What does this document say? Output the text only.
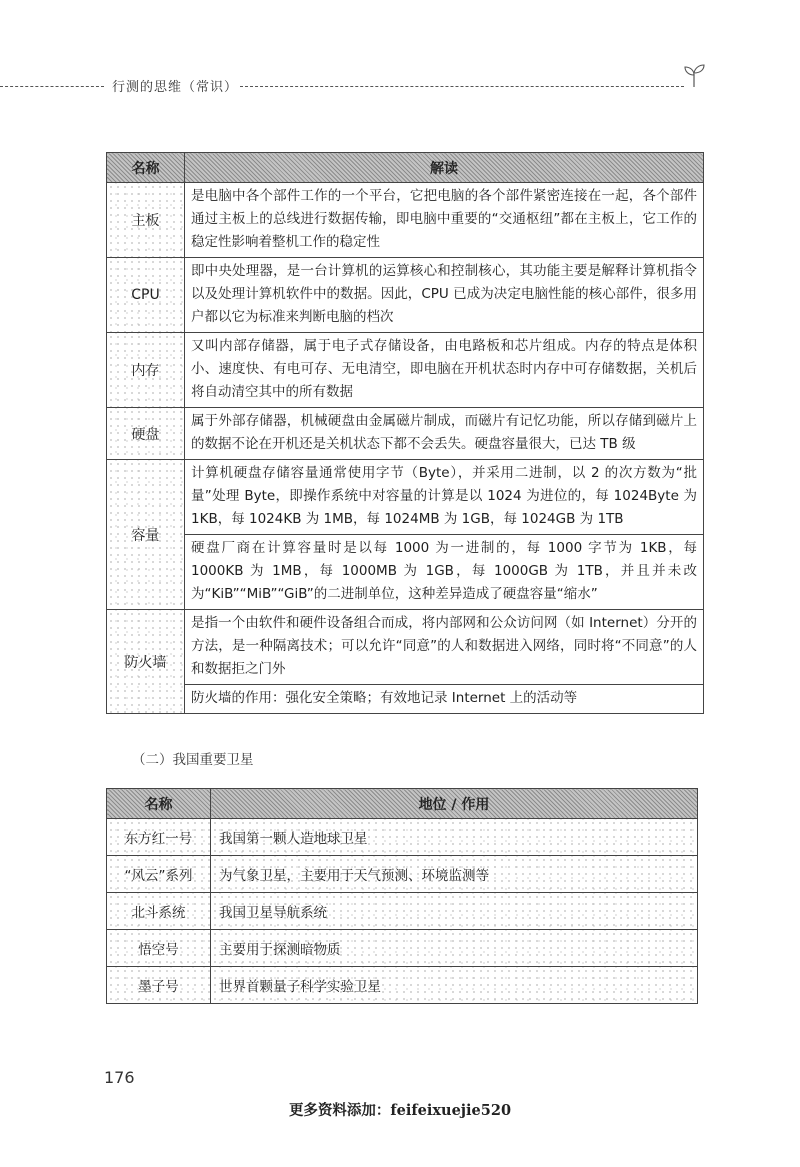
行测的思维（常识）
名称	解读
主板	是电脑中各个部件工作的一个平台，它把电脑的各个部件紧密连接在一起，各个部件通过主板上的总线进行数据传输，即电脑中重要的“交通枢纽”都在主板上，它工作的稳定性影响着整机工作的稳定性
CPU	即中央处理器，是一台计算机的运算核心和控制核心，其功能主要是解释计算机指令以及处理计算机软件中的数据。因此，CPU 已成为决定电脑性能的核心部件，很多用户都以它为标准来判断电脑的档次
内存	又叫内部存储器，属于电子式存储设备，由电路板和芯片组成。内存的特点是体积小、速度快、有电可存、无电清空，即电脑在开机状态时内存中可存储数据，关机后将自动清空其中的所有数据
硬盘	属于外部存储器，机械硬盘由金属磁片制成，而磁片有记忆功能，所以存储到磁片上的数据不论在开机还是关机状态下都不会丢失。硬盘容量很大，已达 TB 级
容量	计算机硬盘存储容量通常使用字节（Byte），并采用二进制，以 2 的次方数为“批量”处理 Byte，即操作系统中对容量的计算是以 1024 为进位的，每 1024Byte 为 1KB，每 1024KB 为 1MB，每 1024MB 为 1GB，每 1024GB 为 1TB
	硬盘厂商在计算容量时是以每 1000 为一进制的，每 1000 字节为 1KB，每 1000KB 为 1MB，每 1000MB 为 1GB，每 1000GB 为 1TB，并且并未改为“KiB”“MiB”“GiB”的二进制单位，这种差异造成了硬盘容量“缩水”
防火墙	是指一个由软件和硬件设备组合而成，将内部网和公众访问网（如 Internet）分开的方法，是一种隔离技术；可以允许“同意”的人和数据进入网络，同时将“不同意”的人和数据拒之门外
	防火墙的作用：强化安全策略；有效地记录 Internet 上的活动等
（二）我国重要卫星
名称	地位 / 作用
东方红一号	我国第一颗人造地球卫星
“风云”系列	为气象卫星，主要用于天气预测、环境监测等
北斗系统	我国卫星导航系统
悟空号	主要用于探测暗物质
墨子号	世界首颗量子科学实验卫星
176
更多资料添加：feifeixuejie520
